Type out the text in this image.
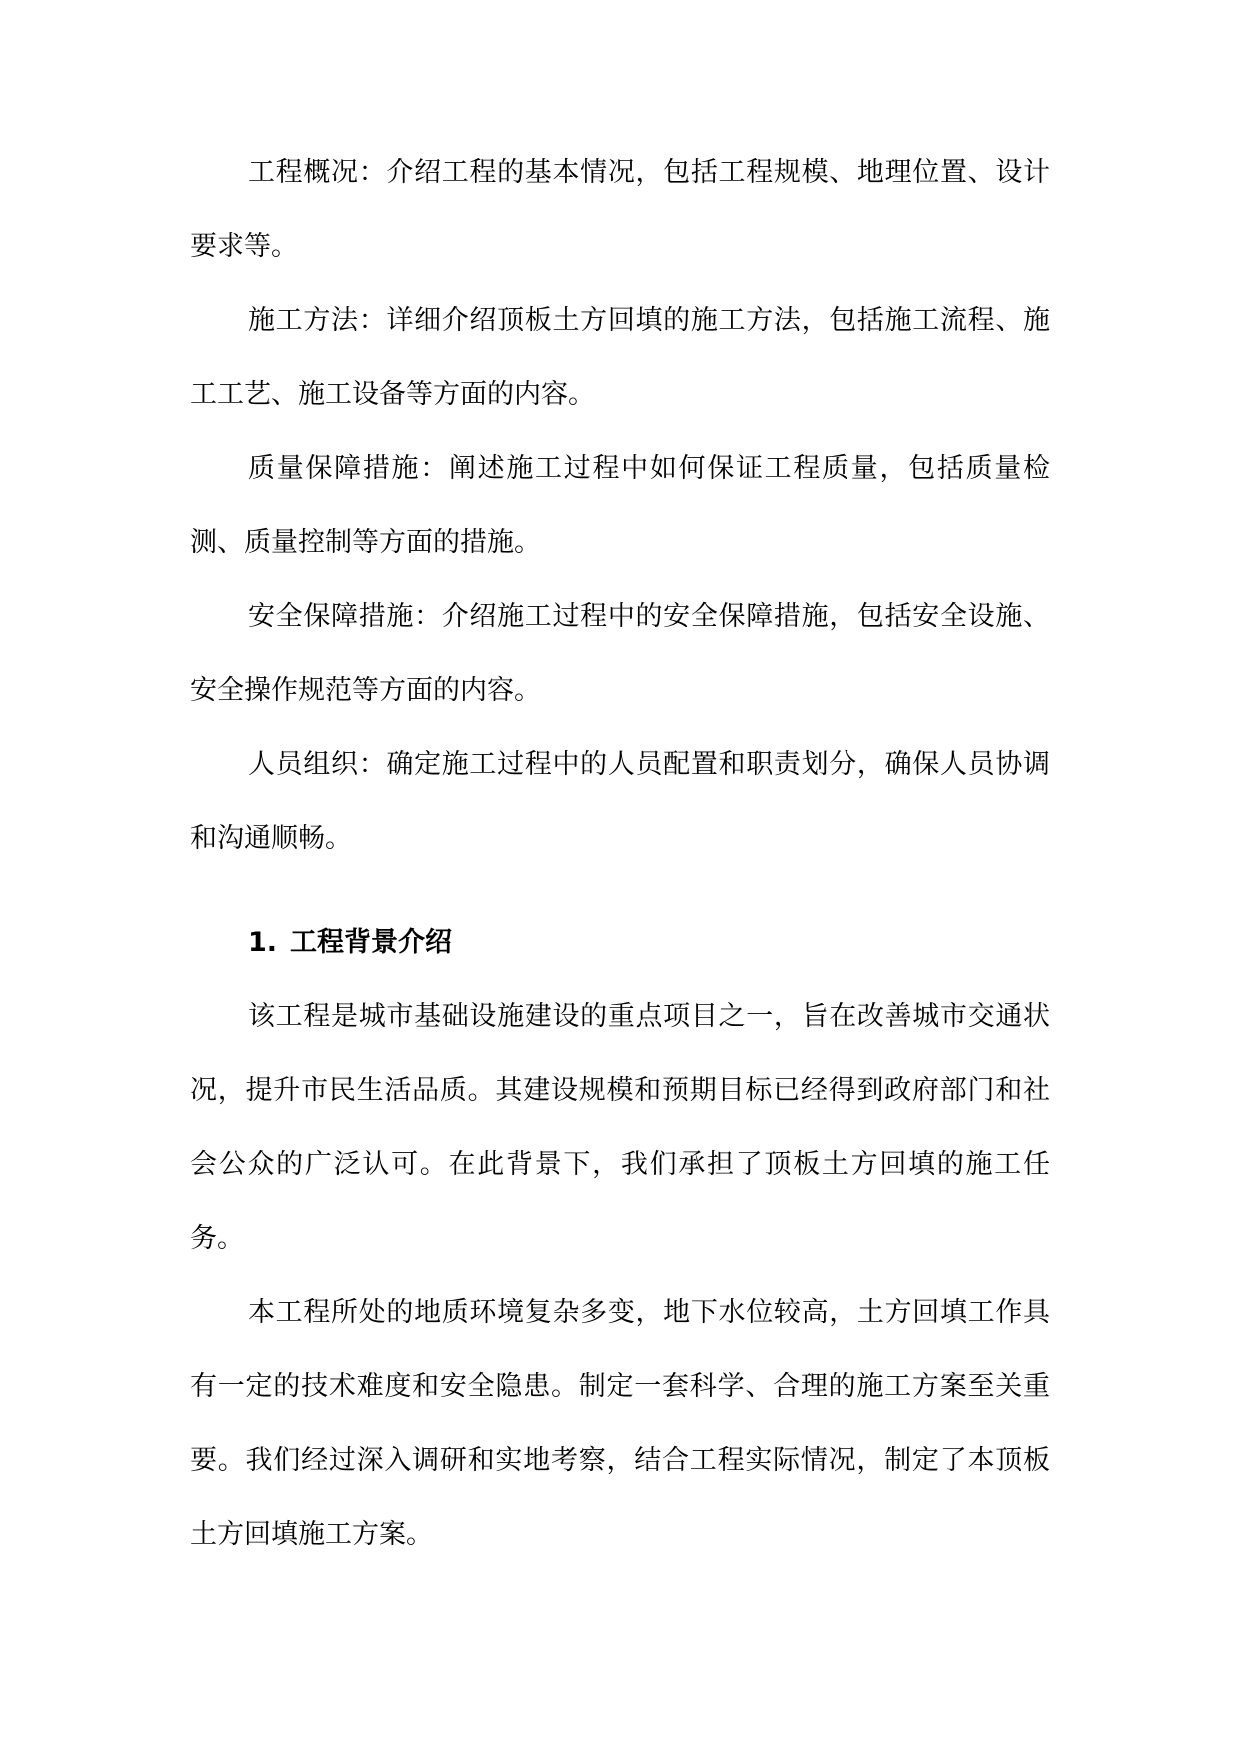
工程概况：介绍工程的基本情况，包括工程规模、地理位置、设计要求等。

施工方法：详细介绍顶板土方回填的施工方法，包括施工流程、施工工艺、施工设备等方面的内容。

质量保障措施：阐述施工过程中如何保证工程质量，包括质量检测、质量控制等方面的措施。

安全保障措施：介绍施工过程中的安全保障措施，包括安全设施、安全操作规范等方面的内容。

人员组织：确定施工过程中的人员配置和职责划分，确保人员协调和沟通顺畅。

1. 工程背景介绍

该工程是城市基础设施建设的重点项目之一，旨在改善城市交通状况，提升市民生活品质。其建设规模和预期目标已经得到政府部门和社会公众的广泛认可。在此背景下，我们承担了顶板土方回填的施工任务。

本工程所处的地质环境复杂多变，地下水位较高，土方回填工作具有一定的技术难度和安全隐患。制定一套科学、合理的施工方案至关重要。我们经过深入调研和实地考察，结合工程实际情况，制定了本顶板土方回填施工方案。
